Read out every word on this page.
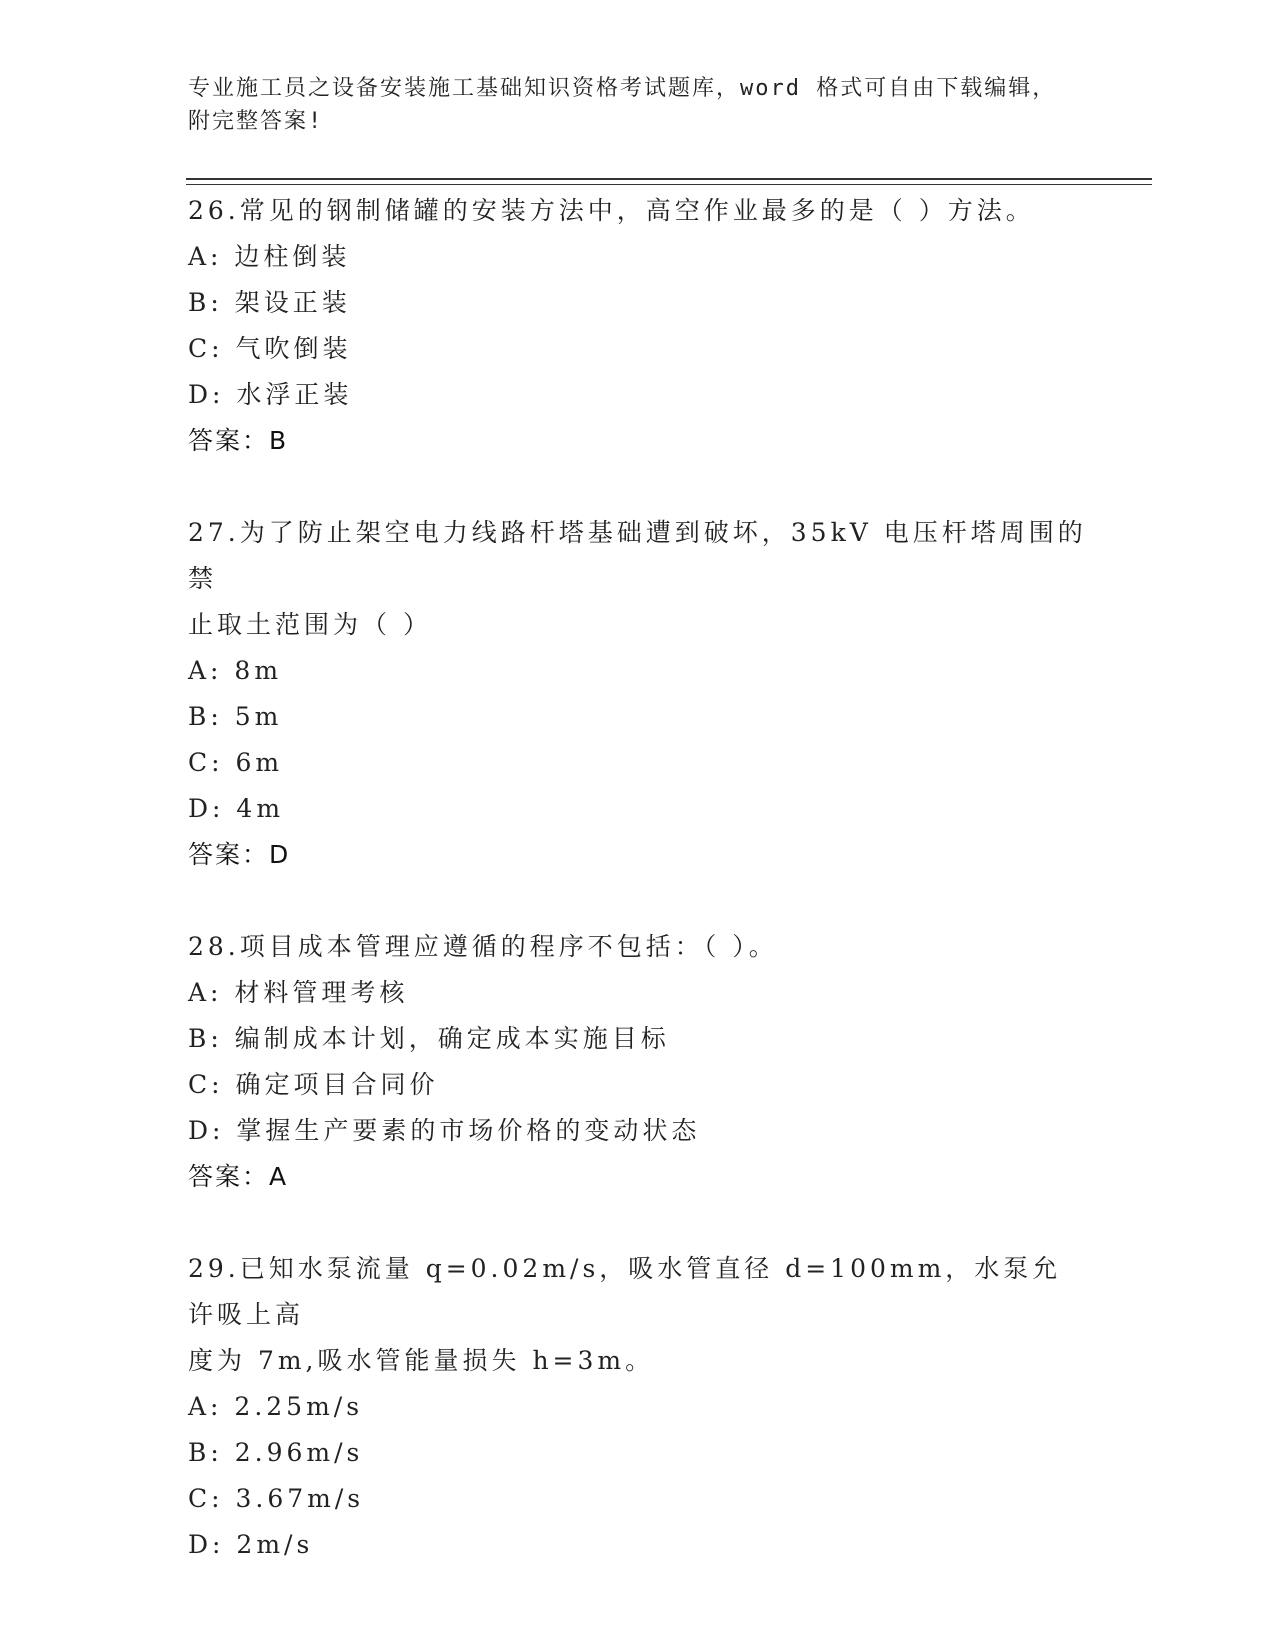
专业施工员之设备安装施工基础知识资格考试题库，word 格式可自由下载编辑，
附完整答案!
26.常见的钢制储罐的安装方法中，高空作业最多的是（ ）方法。
A: 边柱倒装
B: 架设正装
C: 气吹倒装
D: 水浮正装
答案：B
27.为了防止架空电力线路杆塔基础遭到破坏，35kV 电压杆塔周围的禁
止取土范围为（ ）
A: 8m
B: 5m
C: 6m
D: 4m
答案：D
28.项目成本管理应遵循的程序不包括：（ ）。
A: 材料管理考核
B: 编制成本计划，确定成本实施目标
C: 确定项目合同价
D: 掌握生产要素的市场价格的变动状态
答案：A
29.已知水泵流量 q=0.02m/s，吸水管直径 d=100mm，水泵允许吸上高
度为 7m,吸水管能量损失 h=3m。
A: 2.25m/s
B: 2.96m/s
C: 3.67m/s
D: 2m/s
